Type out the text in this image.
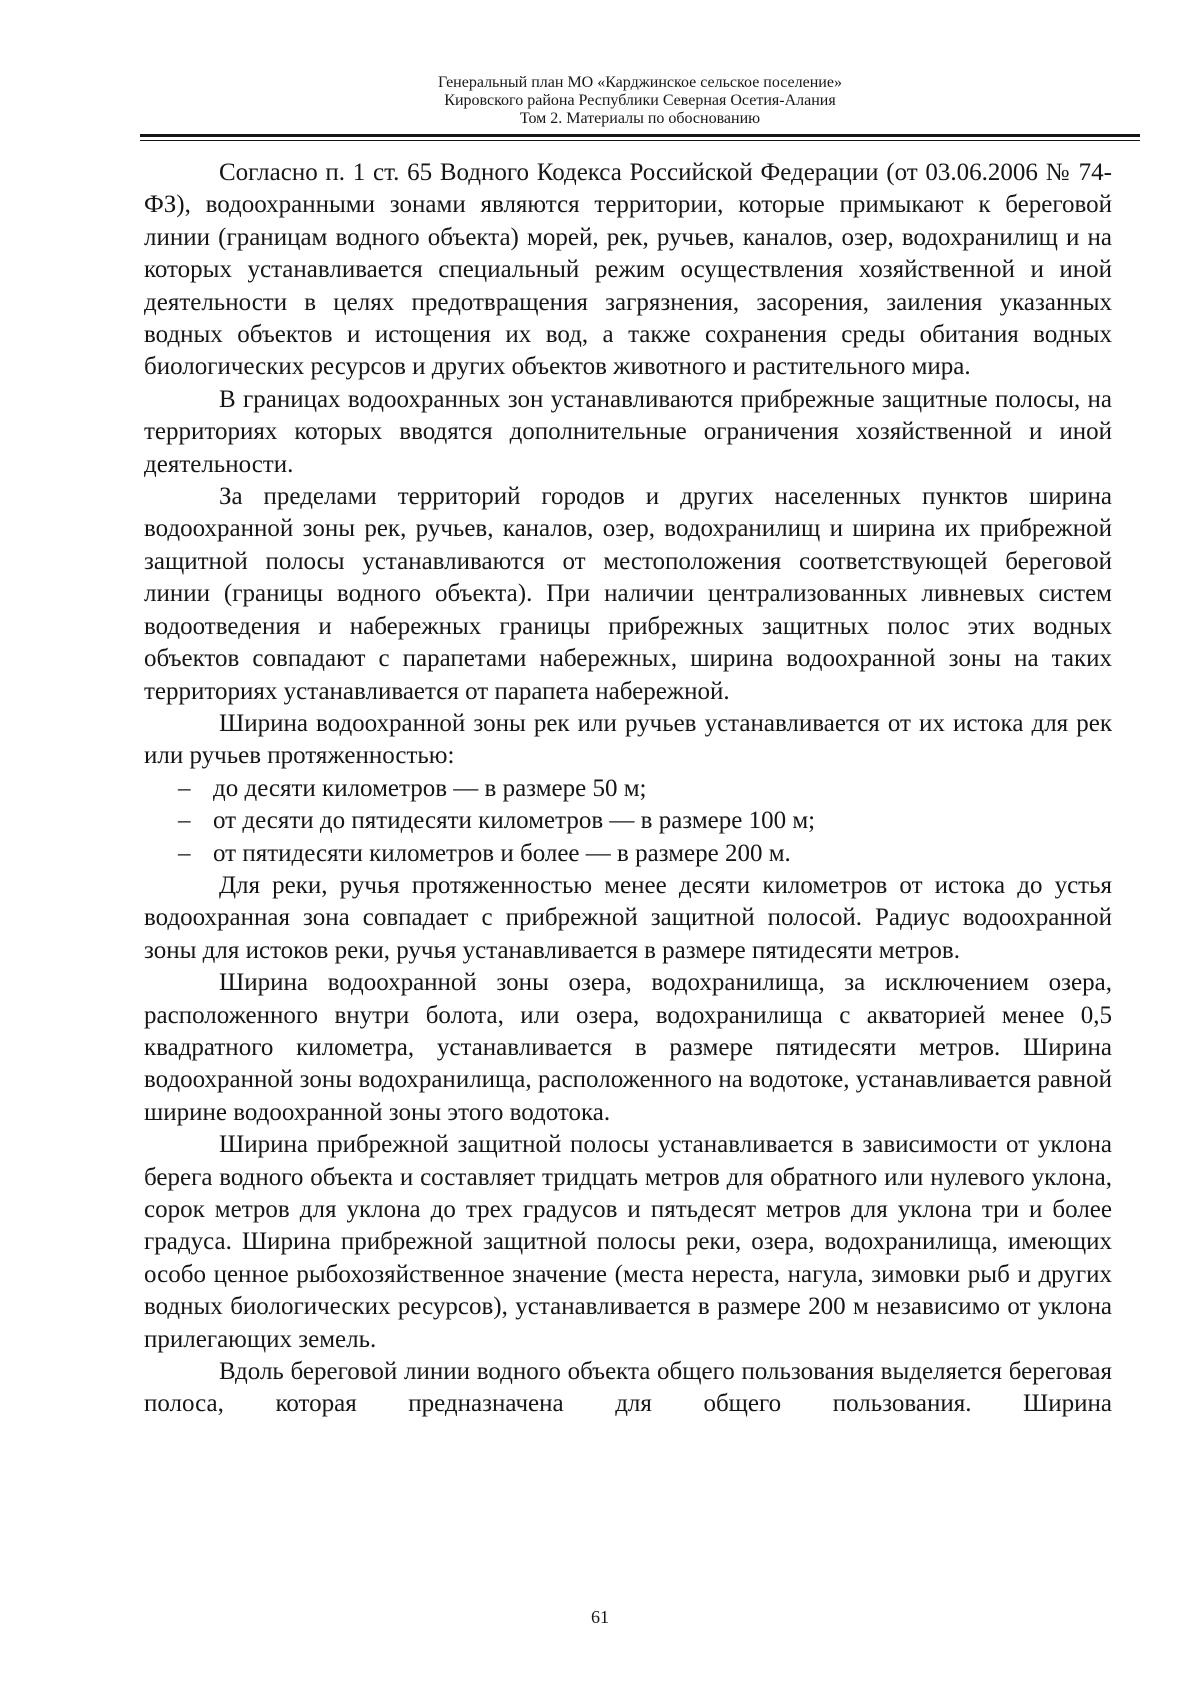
Генеральный план МО «Карджинское сельское поселение»
Кировского района Республики Северная Осетия-Алания
Том 2. Материалы по обоснованию

Согласно п. 1 ст. 65 Водного Кодекса Российской Федерации (от 03.06.2006 № 74-ФЗ), водоохранными зонами являются территории, которые примыкают к береговой линии (границам водного объекта) морей, рек, ручьев, каналов, озер, водохранилищ и на которых устанавливается специальный режим осуществления хозяйственной и иной деятельности в целях предотвращения загрязнения, засорения, заиления указанных водных объектов и истощения их вод, а также сохранения среды обитания водных биологических ресурсов и других объектов животного и растительного мира.

В границах водоохранных зон устанавливаются прибрежные защитные полосы, на территориях которых вводятся дополнительные ограничения хозяйственной и иной деятельности.

За пределами территорий городов и других населенных пунктов ширина водоохранной зоны рек, ручьев, каналов, озер, водохранилищ и ширина их прибрежной защитной полосы устанавливаются от местоположения соответствующей береговой линии (границы водного объекта). При наличии централизованных ливневых систем водоотведения и набережных границы прибрежных защитных полос этих водных объектов совпадают с парапетами набережных, ширина водоохранной зоны на таких территориях устанавливается от парапета набережной.

Ширина водоохранной зоны рек или ручьев устанавливается от их истока для рек или ручьев протяженностью:

– до десяти километров — в размере 50 м;
– от десяти до пятидесяти километров — в размере 100 м;
– от пятидесяти километров и более — в размере 200 м.

Для реки, ручья протяженностью менее десяти километров от истока до устья водоохранная зона совпадает с прибрежной защитной полосой. Радиус водоохранной зоны для истоков реки, ручья устанавливается в размере пятидесяти метров.

Ширина водоохранной зоны озера, водохранилища, за исключением озера, расположенного внутри болота, или озера, водохранилища с акваторией менее 0,5 квадратного километра, устанавливается в размере пятидесяти метров. Ширина водоохранной зоны водохранилища, расположенного на водотоке, устанавливается равной ширине водоохранной зоны этого водотока.

Ширина прибрежной защитной полосы устанавливается в зависимости от уклона берега водного объекта и составляет тридцать метров для обратного или нулевого уклона, сорок метров для уклона до трех градусов и пятьдесят метров для уклона три и более градуса. Ширина прибрежной защитной полосы реки, озера, водохранилища, имеющих особо ценное рыбохозяйственное значение (места нереста, нагула, зимовки рыб и других водных биологических ресурсов), устанавливается в размере 200 м независимо от уклона прилегающих земель.

Вдоль береговой линии водного объекта общего пользования выделяется береговая полоса, которая предназначена для общего пользования. Ширина

61
